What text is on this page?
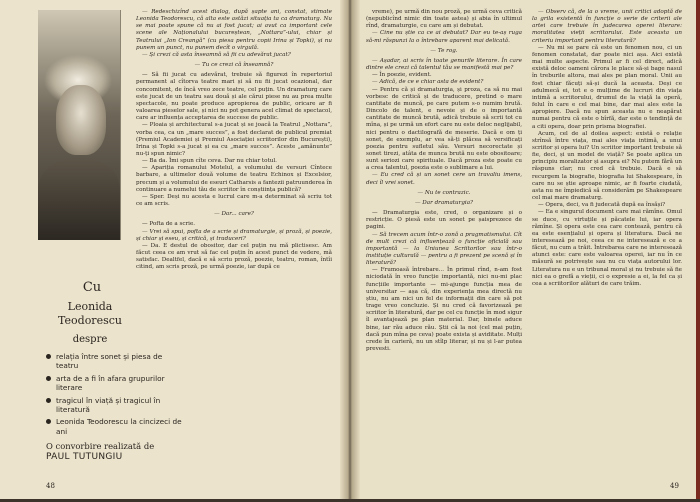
— Redeschizînd acest dialog, după șapte ani, constat, stimate Leonida Teodorescu, că alta este astăzi situația ta ca dramaturg. Nu se mai poate spune că nu ai fost jucat; ai avut ca important cele scene ale Naționalului bucureștean, „Nottara”-ului, chiar și Teatrului „Ion Creangă” (cu piesa pentru copii Irina și Topki), și nu punem un punct, nu punem decît o virgulă.

— Și crezi că asta înseamnă să fii cu adevărat jucat?

— Tu ce crezi că înseamnă?

— Să fii jucat cu adevărat, trebuie să figurezi în repertoriul permanent al cîtorva teatre mari și să nu fii jucat ocazional, dar concomitent, de încă vreo zece teatre, cel puțin. Un dramaturg care este jucat de un teatru sau două și ale cărui piese nu au prea multe spectacole, nu poate produce apropierea de public, oricare ar fi valoarea pieselor sale, și nici nu pot genera acel climat de spectacol, care ar influența acceptarea de succese de public.

— Ploaia și architectural s-a jucat și se joacă la Teatrul „Nottara”, vorba cea, ca un „mare succes”, a fost declarat de publicul premiat (Premiul Academiei și Premiul Asociației scriitorilor din București), Irina și Topki s-a jucat și ea cu „mare succes”. Aceste „amănunte” nu-ți spun nimic?

— Ba da. Îmi spun cîte ceva. Dar nu chiar totul.

— Apariția romanului Motelul, a volumului de versuri Cîntece barbare, a ultimelor două volume de teatru Echinox și Excelsior, precum și a volumului de eseuri Catharsis a fantezii patruunderea în continuare a numelui tău de scriitor în conștiința publică?

— Sper. Deși nu acesta e lucrul care m-a determinat să scriu tot ce am scris.

— Dar... care?

— Pofta de a scrie.

— Vrei să spui, pofta de a scrie și dramaturgie, și proză, și poezie, și chiar și eseu, și critică, și traduceri?

— Da. E destul de obositor, dar cel puțin nu mă plictisesc. Am făcut ceea ce am vrut să fac cel puțin în acest punct de vedere, mă satisfac. Dealtfel, dacă e să scriu proză, poezie, teatru, roman, întîi citind, am scris proză, pe urmă poezie, iar după ce

Cu
Leonida
Teodorescu
despre
relația între sonet și piesa de teatru
arta de a fi în afara grupurilor literare
tragicul în viață și tragicul în literatură
Leonida Teodorescu la cincizeci de ani
O convorbire realizată de
PAUL TUTUNGIU
48

vreme), pe urmă din nou proză, pe urmă ceva critică (nepublicînd nimic din toate astea) și abia în ultimul rînd, dramaturgie, cu care am și debutat.

— Cine nu știe ca ce ai debutat? Dar eu te-aș ruga să-mi răspunzi la o întrebare aparent mai delicată.

— Te rog.

— Așadar, ai scris în toate genurile literare. În care dintre ele crezi că talentul tău se manifestă mai pe?

— În poezie, evident.

— Adică, de ce e chiar asta de evident?

— Pentru că și dramaturgia, și proza, ca să nu mai vorbesc de critică și de traducere, pretind o mare cantitate de muncă, pe care putem s-o numim brută. Dincolo de talent, e nevoie și de o importantă cantitate de muncă brută, adică trebuie să scrii tot cu mîna, și pe urmă un efort care nu este deloc neglijabil, nici pentru o dactilografă de meserie. Dacă e om ți sonet, de exemplu, ar vea să-ți plăcea să versificați poezia pentru sufletul său. Versuri necorectate și sonet tirezi, atâta de munca brută nu este obositoare; sunt seriozi care spirituale. Dacă proza este poate cu a crea talentul, poezia este o sublimare a lui.

— Eu cred că și un sonet cere un travaliu imens, deci îl vrei sonet.

— Nu te contrazic.

— Dar dramaturgia?

— Dramaturgia este, cred, o organizare și o restricție. O piesă este un sonet pe șaisprezece de pagini.

— Să trecem acum într-o zonă a pragmatismului. Cît de mult crezi că influențează o funcție oficială sau importantă — la Uniunea Scriitorilor sau într-o instituție culturală — pentru a fi prezent pe scenă și în literatură?

— Frumoasă întrebare... În primul rînd, n-am fost niciodată în vreo funcție importantă, nici nu-mi plac funcțiile importante — mi-ajunge funcția mea de universitar — așa că, din experiența mea directă nu știu, nu am nici un fel de informații din care să pot trage vreo concluzie. Și nu cred că favorizează pe scriitor în literatură, dar pe cel cu funcție în mod sigur îl avantajează pe plan material. Dar, binele aduce bine, iar rău aduce rău. Știi că la noi (cel mai puțin, dacă pun mîna pe ceva) poate exista și aviditate. Mulți crede în carieră, nu un stîlp literar, și nu și l-ar putea prevesti.

— Observ că, de la o vreme, unii critici adoptă de la grila existentă în funcție o serie de criterii ale artei care trebuie în judecarea operei literare: moralitatea vieții scriitorului. Este aceasta un criteriu important pentru literatură?

— Nu mi se pare că este un fenomen nou, ci un fenomen constatat, dar poate nici așa. Aici există mai multe aspecte. Primul ar fi cel direct, adică există deloc oameni cărora le place să-și bage nasul în treburile altora, mai ales pe plan moral. Unii au fost chiar făcuți să-și ducă la aceasta. Deși ce adulmecă ei, tot e o mulțime de lucruri din viața intimă a scriitorului, drumul de la viață la operă, felul în care e cel mai bine, dar mai ales este la apropiere. Dacă nu spun aceasta nu e neapărat numai pentru că este o bîrfă, dar este o tendință de a citi opera, doar prin prisma biografiei.

Acum, cel de al doilea aspect: există o relație strînsă între viața, mai ales viața intimă, a unui scriitor și opera lui? Un scriitor important trebuie să fie, deci, și un model de viață? Se poate aplica un principiu moralizator și asupra ei? Nu putem fără un răspuns clar; nu cred că trebuie. Dacă e să recurgem la biografie, biografia lui Shakespeare, în care nu se știe aproape nimic, ar fi foarte ciudată, asta nu ne împiedică să considerăm pe Shakespeare cel mai mare dramaturg.

— Opera, deci, va fi judecată după ea însăși?

— Ea e singurul document care mai rămîne. Omul se duce, cu virtuțile și păcatele lui, iar opera rămîne. Și opera este cea care contează, pentru că ea este esențialul și opera și literatura. Dacă ne interesează pe noi, ceea ce ne interesează e ce a făcut, nu cum a trăit. Întrebarea care ne interesează atunci este: care este valoarea operei, iar nu în ce măsură se potrivește sau nu cu viața autorului lor. Literatura nu e un tribunal moral și nu trebuie să fie nici ea o grefă a vieții, ci o expresie a ei, la fel ca și cea a scriitorilor alături de care trăim.

49
